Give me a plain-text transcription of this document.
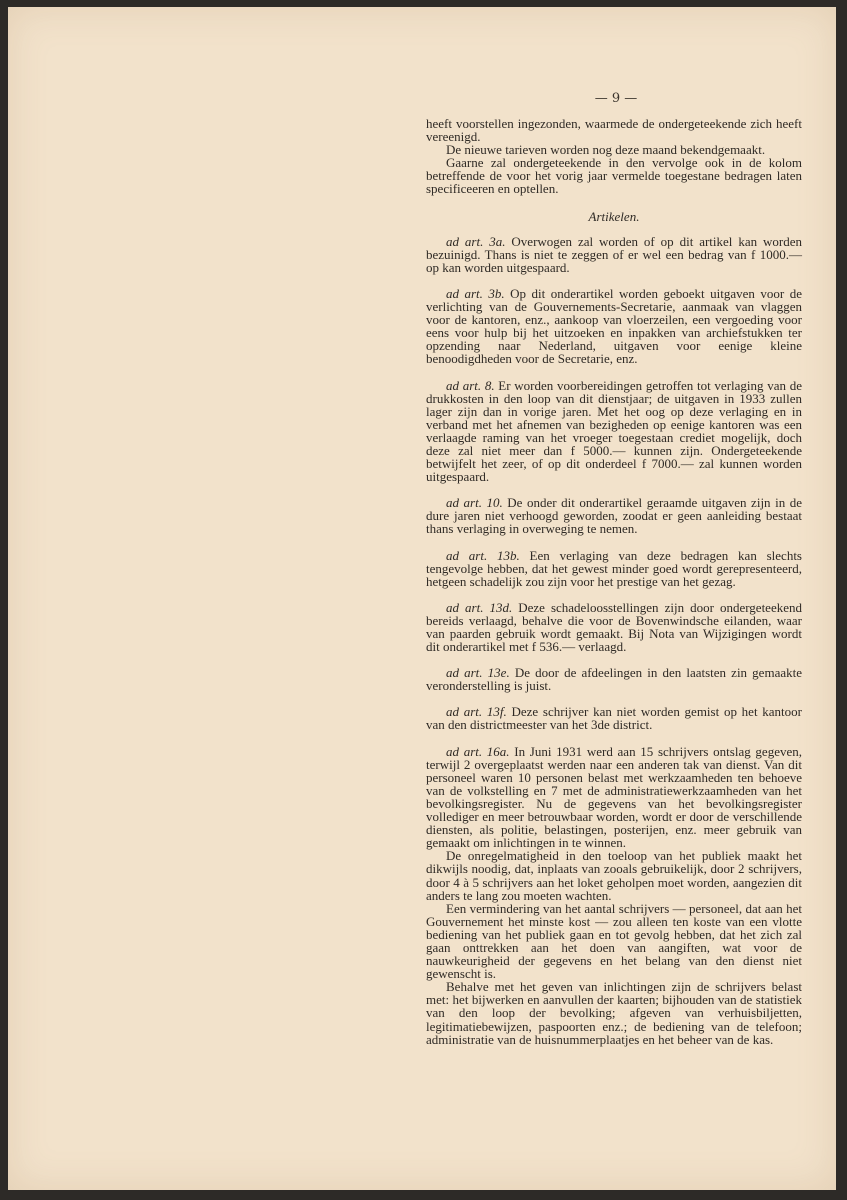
— 9 —

heeft voorstellen ingezonden, waarmede de ondergeteekende zich heeft vereenigd.

De nieuwe tarieven worden nog deze maand bekendgemaakt.

Gaarne zal ondergeteekende in den vervolge ook in de kolom betreffende de voor het vorig jaar vermelde toegestane bedragen laten specificeeren en optellen.

Artikelen.

ad art. 3a. Overwogen zal worden of op dit artikel kan worden bezuinigd. Thans is niet te zeggen of er wel een bedrag van f 1000.— op kan worden uitgespaard.

ad art. 3b. Op dit onderartikel worden geboekt uitgaven voor de verlichting van de Gouvernements-Secretarie, aanmaak van vlaggen voor de kantoren, enz., aankoop van vloerzeilen, een vergoeding voor eens voor hulp bij het uitzoeken en inpakken van archiefstukken ter opzending naar Nederland, uitgaven voor eenige kleine benoodigdheden voor de Secretarie, enz.

ad art. 8. Er worden voorbereidingen getroffen tot verlaging van de drukkosten in den loop van dit dienstjaar; de uitgaven in 1933 zullen lager zijn dan in vorige jaren. Met het oog op deze verlaging en in verband met het afnemen van bezigheden op eenige kantoren was een verlaagde raming van het vroeger toegestaan crediet mogelijk, doch deze zal niet meer dan f 5000.— kunnen zijn. Ondergeteekende betwijfelt het zeer, of op dit onderdeel f 7000.— zal kunnen worden uitgespaard.

ad art. 10. De onder dit onderartikel geraamde uitgaven zijn in de dure jaren niet verhoogd geworden, zoodat er geen aanleiding bestaat thans verlaging in overweging te nemen.

ad art. 13b. Een verlaging van deze bedragen kan slechts tengevolge hebben, dat het gewest minder goed wordt gerepresenteerd, hetgeen schadelijk zou zijn voor het prestige van het gezag.

ad art. 13d. Deze schadeloosstellingen zijn door ondergeteekend bereids verlaagd, behalve die voor de Bovenwindsche eilanden, waar van paarden gebruik wordt gemaakt. Bij Nota van Wijzigingen wordt dit onderartikel met f 536.— verlaagd.

ad art. 13e. De door de afdeelingen in den laatsten zin gemaakte veronderstelling is juist.

ad art. 13f. Deze schrijver kan niet worden gemist op het kantoor van den districtmeester van het 3de district.

ad art. 16a. In Juni 1931 werd aan 15 schrijvers ontslag gegeven, terwijl 2 overgeplaatst werden naar een anderen tak van dienst. Van dit personeel waren 10 personen belast met werkzaamheden ten behoeve van de volkstelling en 7 met de administratiewerkzaamheden van het bevolkingsregister. Nu de gegevens van het bevolkingsregister vollediger en meer betrouwbaar worden, wordt er door de verschillende diensten, als politie, belastingen, posterijen, enz. meer gebruik van gemaakt om inlichtingen in te winnen.

De onregelmatigheid in den toeloop van het publiek maakt het dikwijls noodig, dat, inplaats van zooals gebruikelijk, door 2 schrijvers, door 4 à 5 schrijvers aan het loket geholpen moet worden, aangezien dit anders te lang zou moeten wachten.

Een vermindering van het aantal schrijvers — personeel, dat aan het Gouvernement het minste kost — zou alleen ten koste van een vlotte bediening van het publiek gaan en tot gevolg hebben, dat het zich zal gaan onttrekken aan het doen van aangiften, wat voor de nauwkeurigheid der gegevens en het belang van den dienst niet gewenscht is.

Behalve met het geven van inlichtingen zijn de schrijvers belast met: het bijwerken en aanvullen der kaarten; bijhouden van de statistiek van den loop der bevolking; afgeven van verhuisbiljetten, legitimatiebewijzen, paspoorten enz.; de bediening van de telefoon; administratie van de huisnummerplaatjes en het beheer van de kas.
